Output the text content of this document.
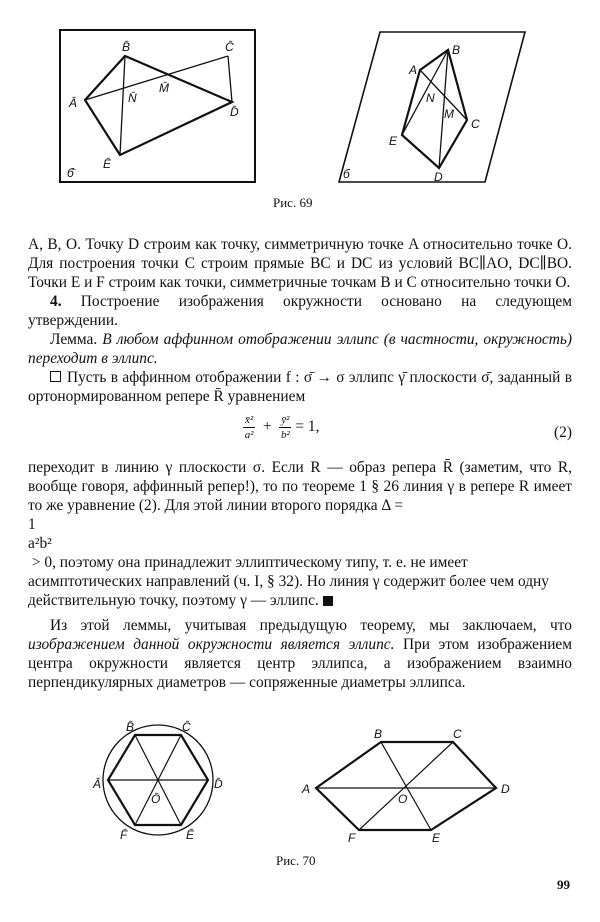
B̄	C̄
Ā	N̄
M̄
D̄
Ē
б̄
A
B
N
M
C
E
D
б
Рис. 69

A, B, O. Точку D строим как точку, симметричную точке A относительно точке O. Для построения точки C строим прямые BC и DC из условий BC∥AO, DC∥BO. Точки E и F строим как точки, симметричные точкам B и C относительно точки O.

4. Построение изображения окружности основано на следующем утверждении.

Лемма. В любом аффинном отображении эллипс (в частности, окружность) переходит в эллипс.

Пусть в аффинном отображении f : σ̄ → σ эллипс γ̄ плоскости σ̄, заданный в ортонормированном репере R̄ уравнением

$\frac{\text{x̄²}}{\text{a²}} + \frac{\text{ȳ²}}{\text{b²}} = 1$,	(2)

переходит в линию γ плоскости σ. Если R — образ репера R̄ (заметим, что R, вообще говоря, аффинный репер!), то по теореме 1 § 26 линия γ в репере R имеет то же уравнение (2). Для этой линии второго порядка Δ =

1
a²b²
> 0, поэтому она принадлежит эллиптическому типу, т. е. не имеет асимптотических направлений (ч. I, § 32). Но линия γ содержит более чем одну действительную точку, поэтому γ — эллипс.

Из этой леммы, учитывая предыдущую теорему, мы заключаем, что изображением данной окружности является эллипс. При этом изображением центра окружности является центр эллипса, а изображением взаимно перпендикулярных диаметров — сопряженные диаметры эллипса.

B̄	C̄
Ā
Ō
D̄
F̄	Ē
B	C
A
O
D
F	E
Рис. 70
99
